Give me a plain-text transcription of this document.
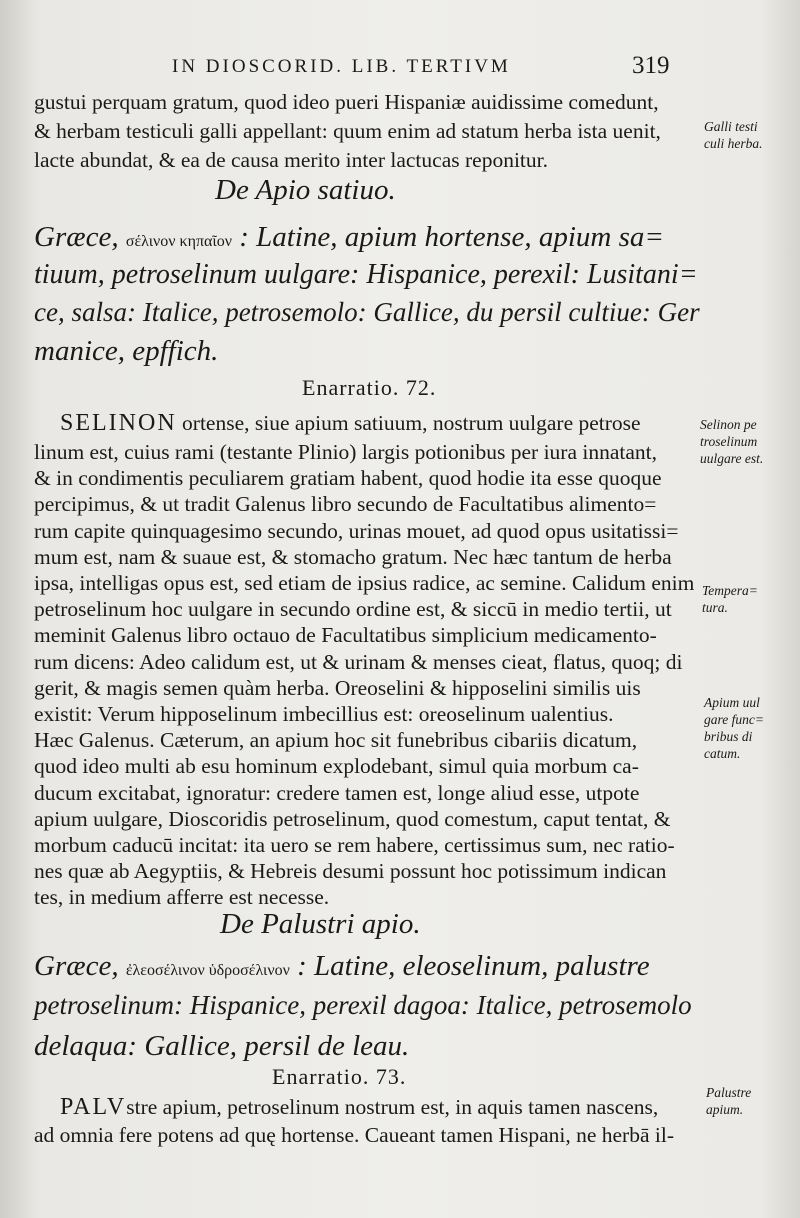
IN DIOSCORID. LIB. TERTIVM	319
gustui perquam gratum, quod ideo pueri Hispaniæ auidissime comedunt,
& herbam testiculi galli appellant: quum enim ad statum herba ista uenit,
lacte abundat, & ea de causa merito inter lactucas reponitur.
De Apio satiuo.
Græce, σέλινον κηπαῖον : Latine, apium hortense, apium sa=
tiuum, petroselinum uulgare: Hispanice, perexil: Lusitani=
ce, salsa: Italice, petrosemolo: Gallice, du persil cultiue: Ger
manice, epffich.
Enarratio. 72.
SELINON ortense, siue apium satiuum, nostrum uulgare petrose
linum est, cuius rami (testante Plinio) largis potionibus per iura innatant,
& in condimentis peculiarem gratiam habent, quod hodie ita esse quoque
percipimus, & ut tradit Galenus libro secundo de Facultatibus alimento=
rum capite quinquagesimo secundo, urinas mouet, ad quod opus usitatissi=
mum est, nam & suaue est, & stomacho gratum. Nec hæc tantum de herba
ipsa, intelligas opus est, sed etiam de ipsius radice, ac semine. Calidum enim
petroselinum hoc uulgare in secundo ordine est, & siccū in medio tertii, ut
meminit Galenus libro octauo de Facultatibus simplicium medicamento-
rum dicens: Adeo calidum est, ut & urinam & menses cieat, flatus, quoq; di
gerit, & magis semen quàm herba. Oreoselini & hipposelini similis uis
existit: Verum hipposelinum imbecillius est: oreoselinum ualentius.
Hæc Galenus. Cæterum, an apium hoc sit funebribus cibariis dicatum,
quod ideo multi ab esu hominum explodebant, simul quia morbum ca-
ducum excitabat, ignoratur: credere tamen est, longe aliud esse, utpote
apium uulgare, Dioscoridis petroselinum, quod comestum, caput tentat, &
morbum caducū incitat: ita uero se rem habere, certissimus sum, nec ratio-
nes quæ ab Aegyptiis, & Hebreis desumi possunt hoc potissimum indican
tes, in medium afferre est necesse.
De Palustri apio.
Græce, ἐλεοσέλινον ὑδροσέλινον : Latine, eleoselinum, palustre
petroselinum: Hispanice, perexil dagoa: Italice, petrosemolo
delaqua: Gallice, persil de leau.
Enarratio. 73.
PALVstre apium, petroselinum nostrum est, in aquis tamen nascens,
ad omnia fere potens ad quę hortense. Caueant tamen Hispani, ne herbā il-
Galli testi
culi herba.
Selinon pe
troselinum
uulgare est.
Tempera=
tura.
Apium uul
gare func=
bribus di
catum.
Palustre
apium.
